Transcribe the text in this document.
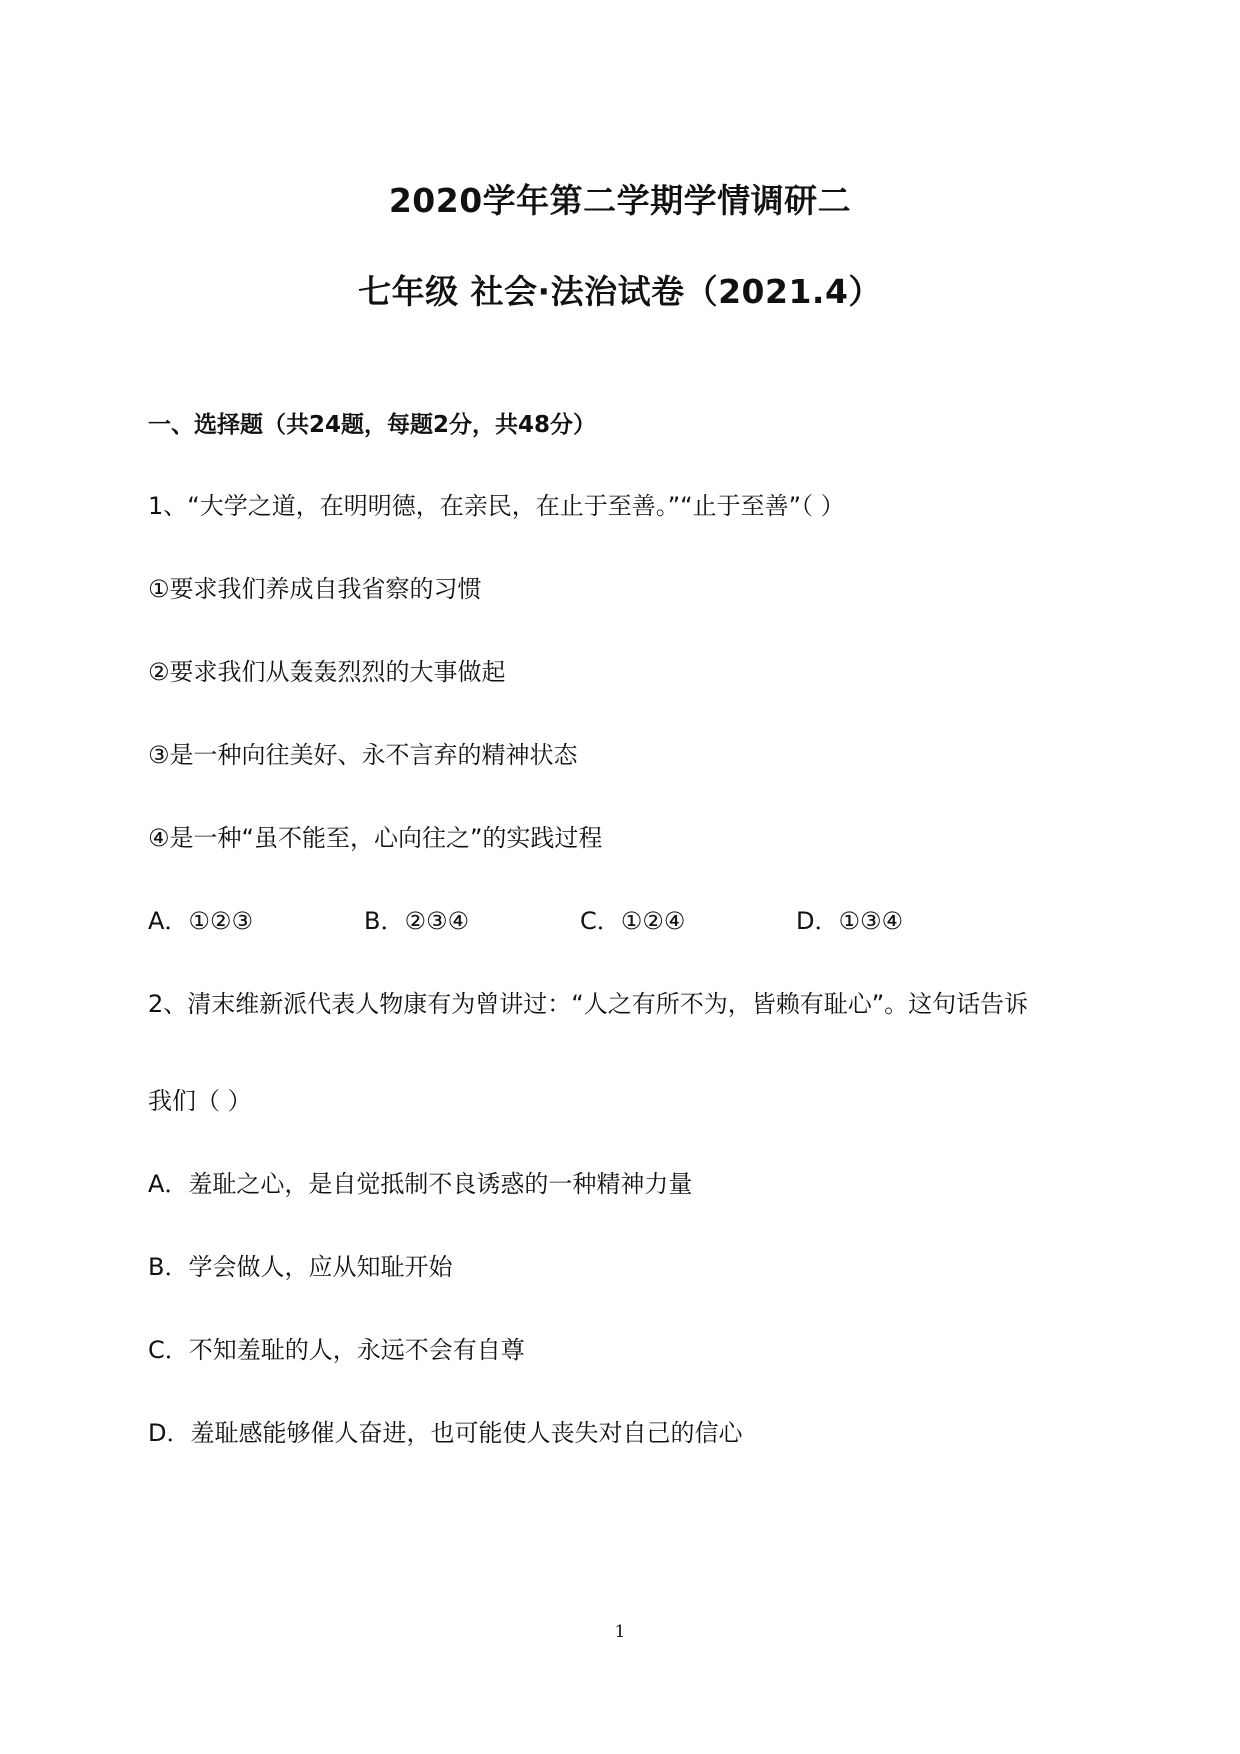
2020学年第二学期学情调研二
七年级 社会·法治试卷（2021.4）
一、选择题（共24题，每题2分，共48分）
1、“大学之道，在明明德，在亲民，在止于至善。”“止于至善”（ ）
①要求我们养成自我省察的习惯
②要求我们从轰轰烈烈的大事做起
③是一种向往美好、永不言弃的精神状态
④是一种“虽不能至，心向往之”的实践过程
A．①②③	B．②③④	C．①②④	D．①③④
2、清末维新派代表人物康有为曾讲过：“人之有所不为，皆赖有耻心”。这句话告诉
我们（ ）
A．羞耻之心，是自觉抵制不良诱惑的一种精神力量
B．学会做人，应从知耻开始
C．不知羞耻的人，永远不会有自尊
D．羞耻感能够催人奋进，也可能使人丧失对自己的信心
1
